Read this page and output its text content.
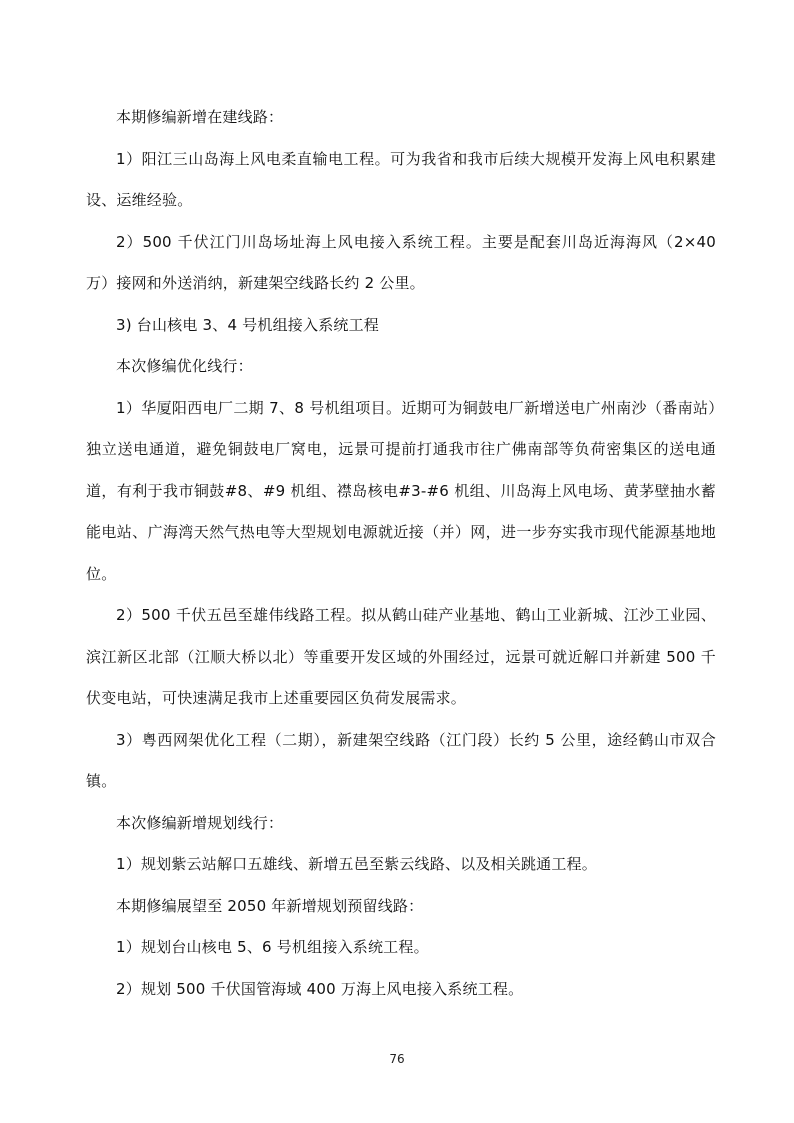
本期修编新增在建线路：

1）阳江三山岛海上风电柔直输电工程。可为我省和我市后续大规模开发海上风电积累建设、运维经验。

2）500 千伏江门川岛场址海上风电接入系统工程。主要是配套川岛近海海风（2×40 万）接网和外送消纳，新建架空线路长约 2 公里。

3) 台山核电 3、4 号机组接入系统工程

本次修编优化线行：

1）华厦阳西电厂二期 7、8 号机组项目。近期可为铜鼓电厂新增送电广州南沙（番南站）独立送电通道，避免铜鼓电厂窝电，远景可提前打通我市往广佛南部等负荷密集区的送电通道，有利于我市铜鼓#8、#9 机组、襟岛核电#3-#6 机组、川岛海上风电场、黄茅壁抽水蓄能电站、广海湾天然气热电等大型规划电源就近接（并）网，进一步夯实我市现代能源基地地位。

2）500 千伏五邑至雄伟线路工程。拟从鹤山硅产业基地、鹤山工业新城、江沙工业园、滨江新区北部（江顺大桥以北）等重要开发区域的外围经过，远景可就近解口并新建 500 千伏变电站，可快速满足我市上述重要园区负荷发展需求。

3）粤西网架优化工程（二期），新建架空线路（江门段）长约 5 公里，途经鹤山市双合镇。

本次修编新增规划线行：

1）规划紫云站解口五雄线、新增五邑至紫云线路、以及相关跳通工程。

本期修编展望至 2050 年新增规划预留线路：

1）规划台山核电 5、6 号机组接入系统工程。

2）规划 500 千伏国管海域 400 万海上风电接入系统工程。

76
